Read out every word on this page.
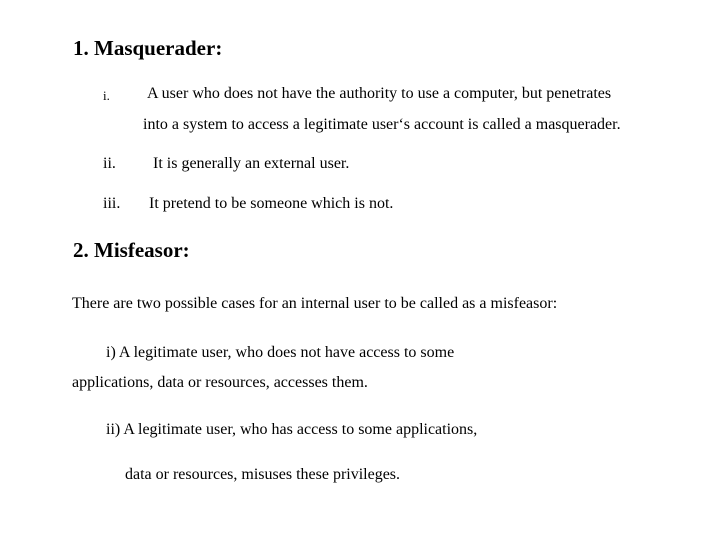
1. Masquerader:
i. A user who does not have the authority to use a computer, but penetrates
into a system to access a legitimate user‘s account is called a masquerader.
ii. It is generally an external user.
iii. It pretend to be someone which is not.
2. Misfeasor:
There are two possible cases for an internal user to be called as a misfeasor:
i) A legitimate user, who does not have access to some
applications, data or resources, accesses them.
ii) A legitimate user, who has access to some applications,
data or resources, misuses these privileges.
